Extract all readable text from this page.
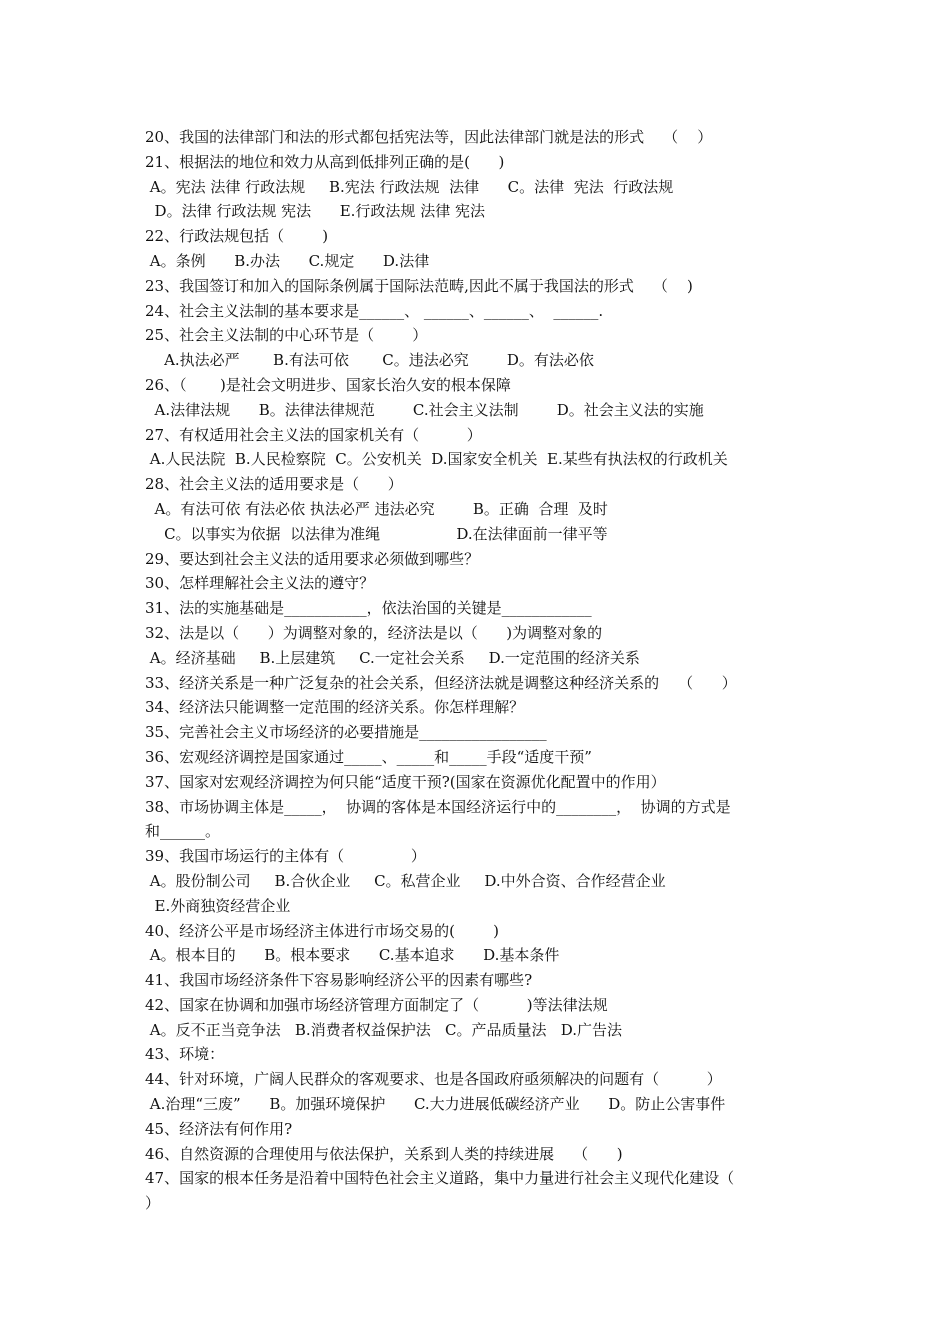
20、我国的法律部门和法的形式都包括宪法等，因此法律部门就是法的形式    （    ）
21、根据法的地位和效力从高到低排列正确的是(      )
A。宪法 法律 行政法规     B.宪法 行政法规  法律      C。法律  宪法  行政法规
D。法律 行政法规 宪法      E.行政法规 法律 宪法
22、行政法规包括（        )
A。条例      B.办法      C.规定      D.法律
23、我国签订和加入的国际条例属于国际法范畴,因此不属于我国法的形式    （    )
24、社会主义法制的基本要求是______、 ______、______、  ______.
25、社会主义法制的中心环节是（        ）
A.执法必严       B.有法可依       C。违法必究        D。有法必依
26、（       )是社会文明进步、国家长治久安的根本保障
A.法律法规      B。法律法律规范        C.社会主义法制        D。社会主义法的实施
27、有权适用社会主义法的国家机关有（          ）
A.人民法院  B.人民检察院  C。公安机关  D.国家安全机关  E.某些有执法权的行政机关
28、社会主义法的适用要求是（      ）
A。有法可依 有法必依 执法必严 违法必究        B。正确  合理  及时
C。以事实为依据  以法律为准绳                D.在法律面前一律平等
29、要达到社会主义法的适用要求必须做到哪些？
30、怎样理解社会主义法的遵守？
31、法的实施基础是___________，依法治国的关键是____________
32、法是以（      ）为调整对象的，经济法是以（      )为调整对象的
A。经济基础     B.上层建筑     C.一定社会关系     D.一定范围的经济关系
33、经济关系是一种广泛复杂的社会关系，但经济法就是调整这种经济关系的    （      ）
34、经济法只能调整一定范围的经济关系。你怎样理解？
35、完善社会主义市场经济的必要措施是_________________
36、宏观经济调控是国家通过_____、_____和_____手段“适度干预”
37、国家对宏观经济调控为何只能“适度干预?(国家在资源优化配置中的作用）
38、市场协调主体是_____，  协调的客体是本国经济运行中的________，  协调的方式是
和______。
39、我国市场运行的主体有（              ）
A。股份制公司     B.合伙企业     C。私营企业     D.中外合资、合作经营企业
E.外商独资经营企业
40、经济公平是市场经济主体进行市场交易的(        )
A。根本目的      B。根本要求      C.基本追求      D.基本条件
41、我国市场经济条件下容易影响经济公平的因素有哪些?
42、国家在协调和加强市场经济管理方面制定了（          )等法律法规
A。反不正当竞争法   B.消费者权益保护法   C。产品质量法   D.广告法
43、环境：
44、针对环境，广阔人民群众的客观要求、也是各国政府亟须解决的问题有（          ）
A.治理“三废”      B。加强环境保护      C.大力进展低碳经济产业      D。防止公害事件
45、经济法有何作用?
46、自然资源的合理使用与依法保护，关系到人类的持续进展    （      )
47、国家的根本任务是沿着中国特色社会主义道路，集中力量进行社会主义现代化建设（
）
